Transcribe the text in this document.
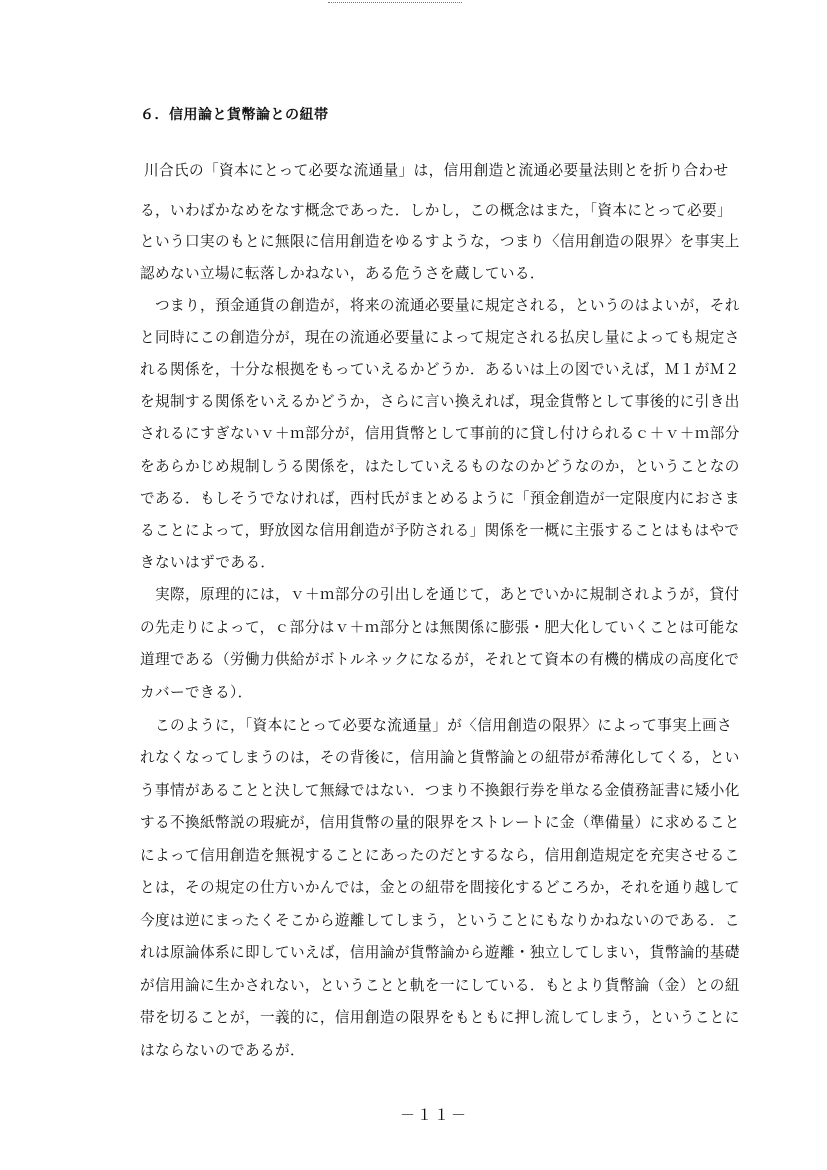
６．信用論と貨幣論との紐帯
川合氏の「資本にとって必要な流通量」は，信用創造と流通必要量法則とを折り合わせ
る，いわばかなめをなす概念であった．しかし，この概念はまた，「資本にとって必要」
という口実のもとに無限に信用創造をゆるすような，つまり〈信用創造の限界〉を事実上
認めない立場に転落しかねない，ある危うさを蔵している．
つまり，預金通貨の創造が，将来の流通必要量に規定される，というのはよいが，それ
と同時にこの創造分が，現在の流通必要量によって規定される払戻し量によっても規定さ
れる関係を，十分な根拠をもっていえるかどうか．あるいは上の図でいえば，Ｍ１がＭ２
を規制する関係をいえるかどうか，さらに言い換えれば，現金貨幣として事後的に引き出
されるにすぎないｖ＋ｍ部分が，信用貨幣として事前的に貸し付けられるｃ＋ｖ＋ｍ部分
をあらかじめ規制しうる関係を，はたしていえるものなのかどうなのか，ということなの
である．もしそうでなければ，西村氏がまとめるように「預金創造が一定限度内におさま
ることによって，野放図な信用創造が予防される」関係を一概に主張することはもはやで
きないはずである．
実際，原理的には，ｖ＋ｍ部分の引出しを通じて，あとでいかに規制されようが，貸付
の先走りによって，ｃ部分はｖ＋ｍ部分とは無関係に膨張・肥大化していくことは可能な
道理である（労働力供給がボトルネックになるが，それとて資本の有機的構成の高度化で
カバーできる）．
このように，「資本にとって必要な流通量」が〈信用創造の限界〉によって事実上画さ
れなくなってしまうのは，その背後に，信用論と貨幣論との紐帯が希薄化してくる，とい
う事情があることと決して無縁ではない．つまり不換銀行券を単なる金債務証書に矮小化
する不換紙幣説の瑕疵が，信用貨幣の量的限界をストレートに金（準備量）に求めること
によって信用創造を無視することにあったのだとするなら，信用創造規定を充実させるこ
とは，その規定の仕方いかんでは，金との紐帯を間接化するどころか，それを通り越して
今度は逆にまったくそこから遊離してしまう，ということにもなりかねないのである．こ
れは原論体系に即していえば，信用論が貨幣論から遊離・独立してしまい，貨幣論的基礎
が信用論に生かされない，ということと軌を一にしている．もとより貨幣論（金）との紐
帯を切ることが，一義的に，信用創造の限界をもともに押し流してしまう，ということに
はならないのであるが．
－１１－
